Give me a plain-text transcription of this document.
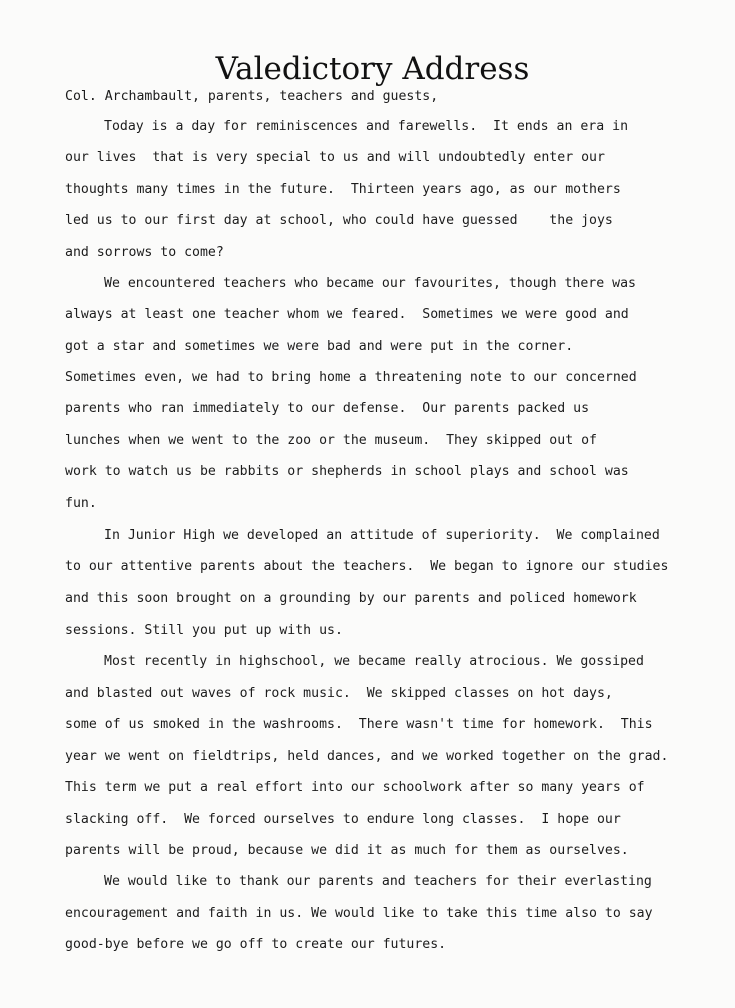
Valedictory Address
Col. Archambault, parents, teachers and guests,
Today is a day for reminiscences and farewells.  It ends an era in
our lives  that is very special to us and will undoubtedly enter our
thoughts many times in the future.  Thirteen years ago, as our mothers
led us to our first day at school, who could have guessed    the joys
and sorrows to come?
We encountered teachers who became our favourites, though there was
always at least one teacher whom we feared.  Sometimes we were good and
got a star and sometimes we were bad and were put in the corner.
Sometimes even, we had to bring home a threatening note to our concerned
parents who ran immediately to our defense.  Our parents packed us
lunches when we went to the zoo or the museum.  They skipped out of
work to watch us be rabbits or shepherds in school plays and school was
fun.
In Junior High we developed an attitude of superiority.  We complained
to our attentive parents about the teachers.  We began to ignore our studies
and this soon brought on a grounding by our parents and policed homework
sessions. Still you put up with us.
Most recently in highschool, we became really atrocious. We gossiped
and blasted out waves of rock music.  We skipped classes on hot days,
some of us smoked in the washrooms.  There wasn't time for homework.  This
year we went on fieldtrips, held dances, and we worked together on the grad.
This term we put a real effort into our schoolwork after so many years of
slacking off.  We forced ourselves to endure long classes.  I hope our
parents will be proud, because we did it as much for them as ourselves.
We would like to thank our parents and teachers for their everlasting
encouragement and faith in us. We would like to take this time also to say
good-bye before we go off to create our futures.
